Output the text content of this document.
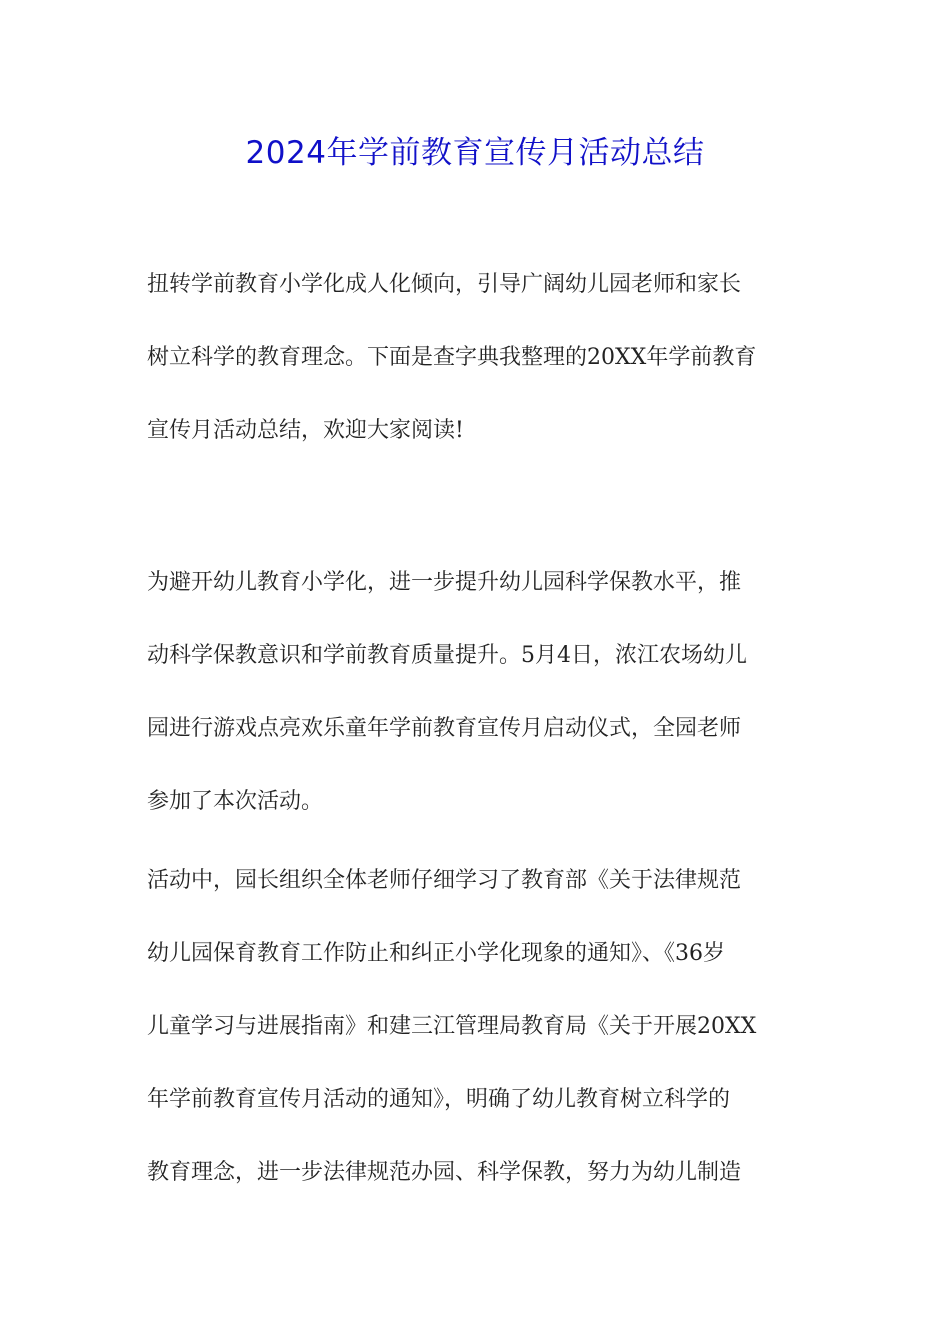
2024年学前教育宣传月活动总结
扭转学前教育小学化成人化倾向，引导广阔幼儿园老师和家长
树立科学的教育理念。下面是查字典我整理的20XX年学前教育
宣传月活动总结，欢迎大家阅读!
为避开幼儿教育小学化，进一步提升幼儿园科学保教水平，推
动科学保教意识和学前教育质量提升。5月4日，浓江农场幼儿
园进行游戏点亮欢乐童年学前教育宣传月启动仪式，全园老师
参加了本次活动。
活动中，园长组织全体老师仔细学习了教育部《关于法律规范
幼儿园保育教育工作防止和纠正小学化现象的通知》、《36岁
儿童学习与进展指南》和建三江管理局教育局《关于开展20XX
年学前教育宣传月活动的通知》，明确了幼儿教育树立科学的
教育理念，进一步法律规范办园、科学保教，努力为幼儿制造
